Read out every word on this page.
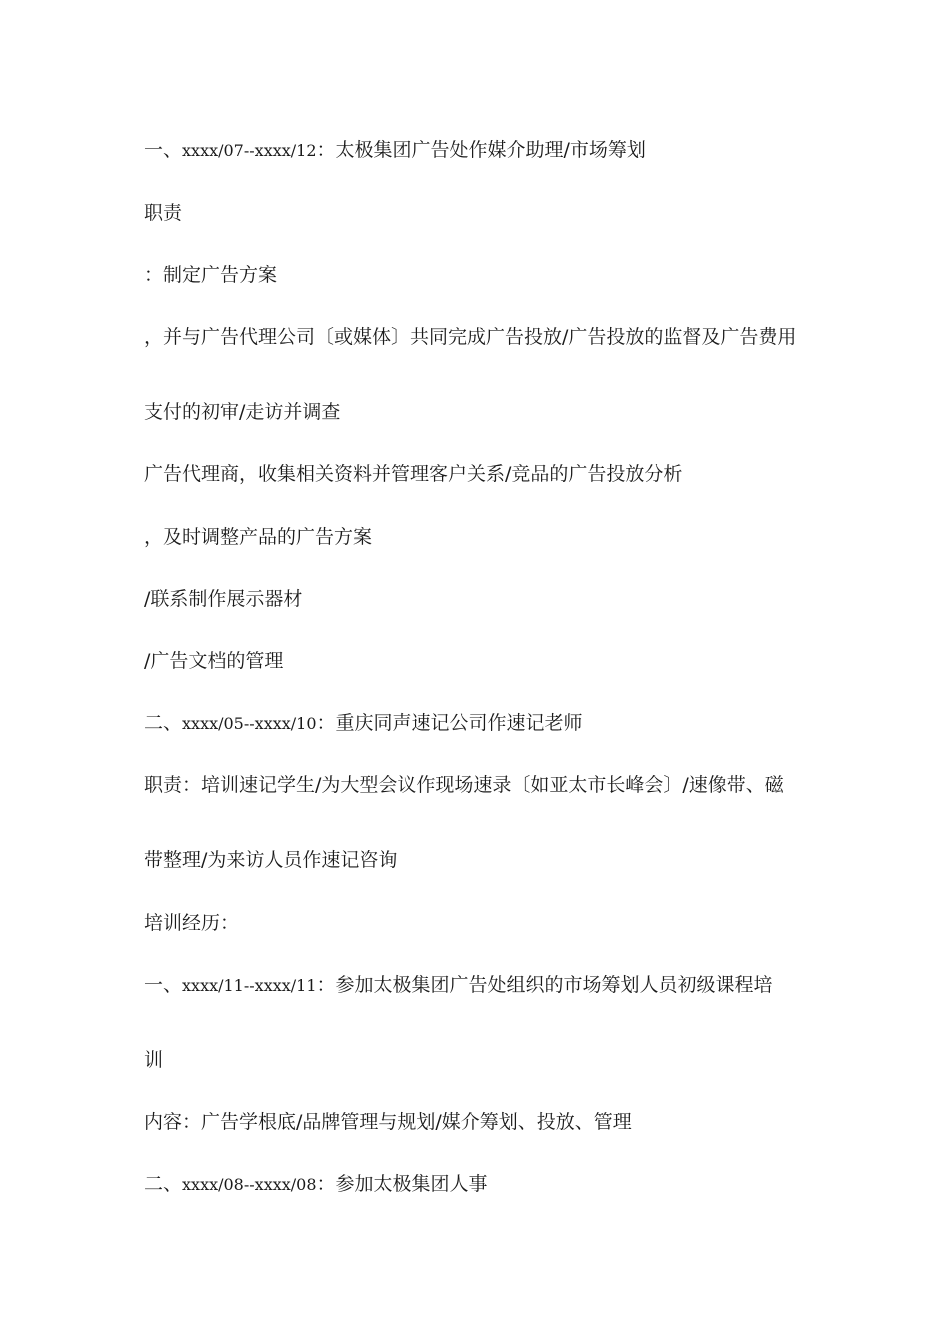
一、xxxx/07--xxxx/12：太极集团广告处作媒介助理/市场筹划
职责
：制定广告方案
，并与广告代理公司〔或媒体〕共同完成广告投放/广告投放的监督及广告费用
支付的初审/走访并调查
广告代理商，收集相关资料并管理客户关系/竞品的广告投放分析
，及时调整产品的广告方案
/联系制作展示器材
/广告文档的管理
二、xxxx/05--xxxx/10：重庆同声速记公司作速记老师
职责：培训速记学生/为大型会议作现场速录〔如亚太市长峰会〕/速像带、磁
带整理/为来访人员作速记咨询
培训经历：
一、xxxx/11--xxxx/11：参加太极集团广告处组织的市场筹划人员初级课程培
训
内容：广告学根底/品牌管理与规划/媒介筹划、投放、管理
二、xxxx/08--xxxx/08：参加太极集团人事
